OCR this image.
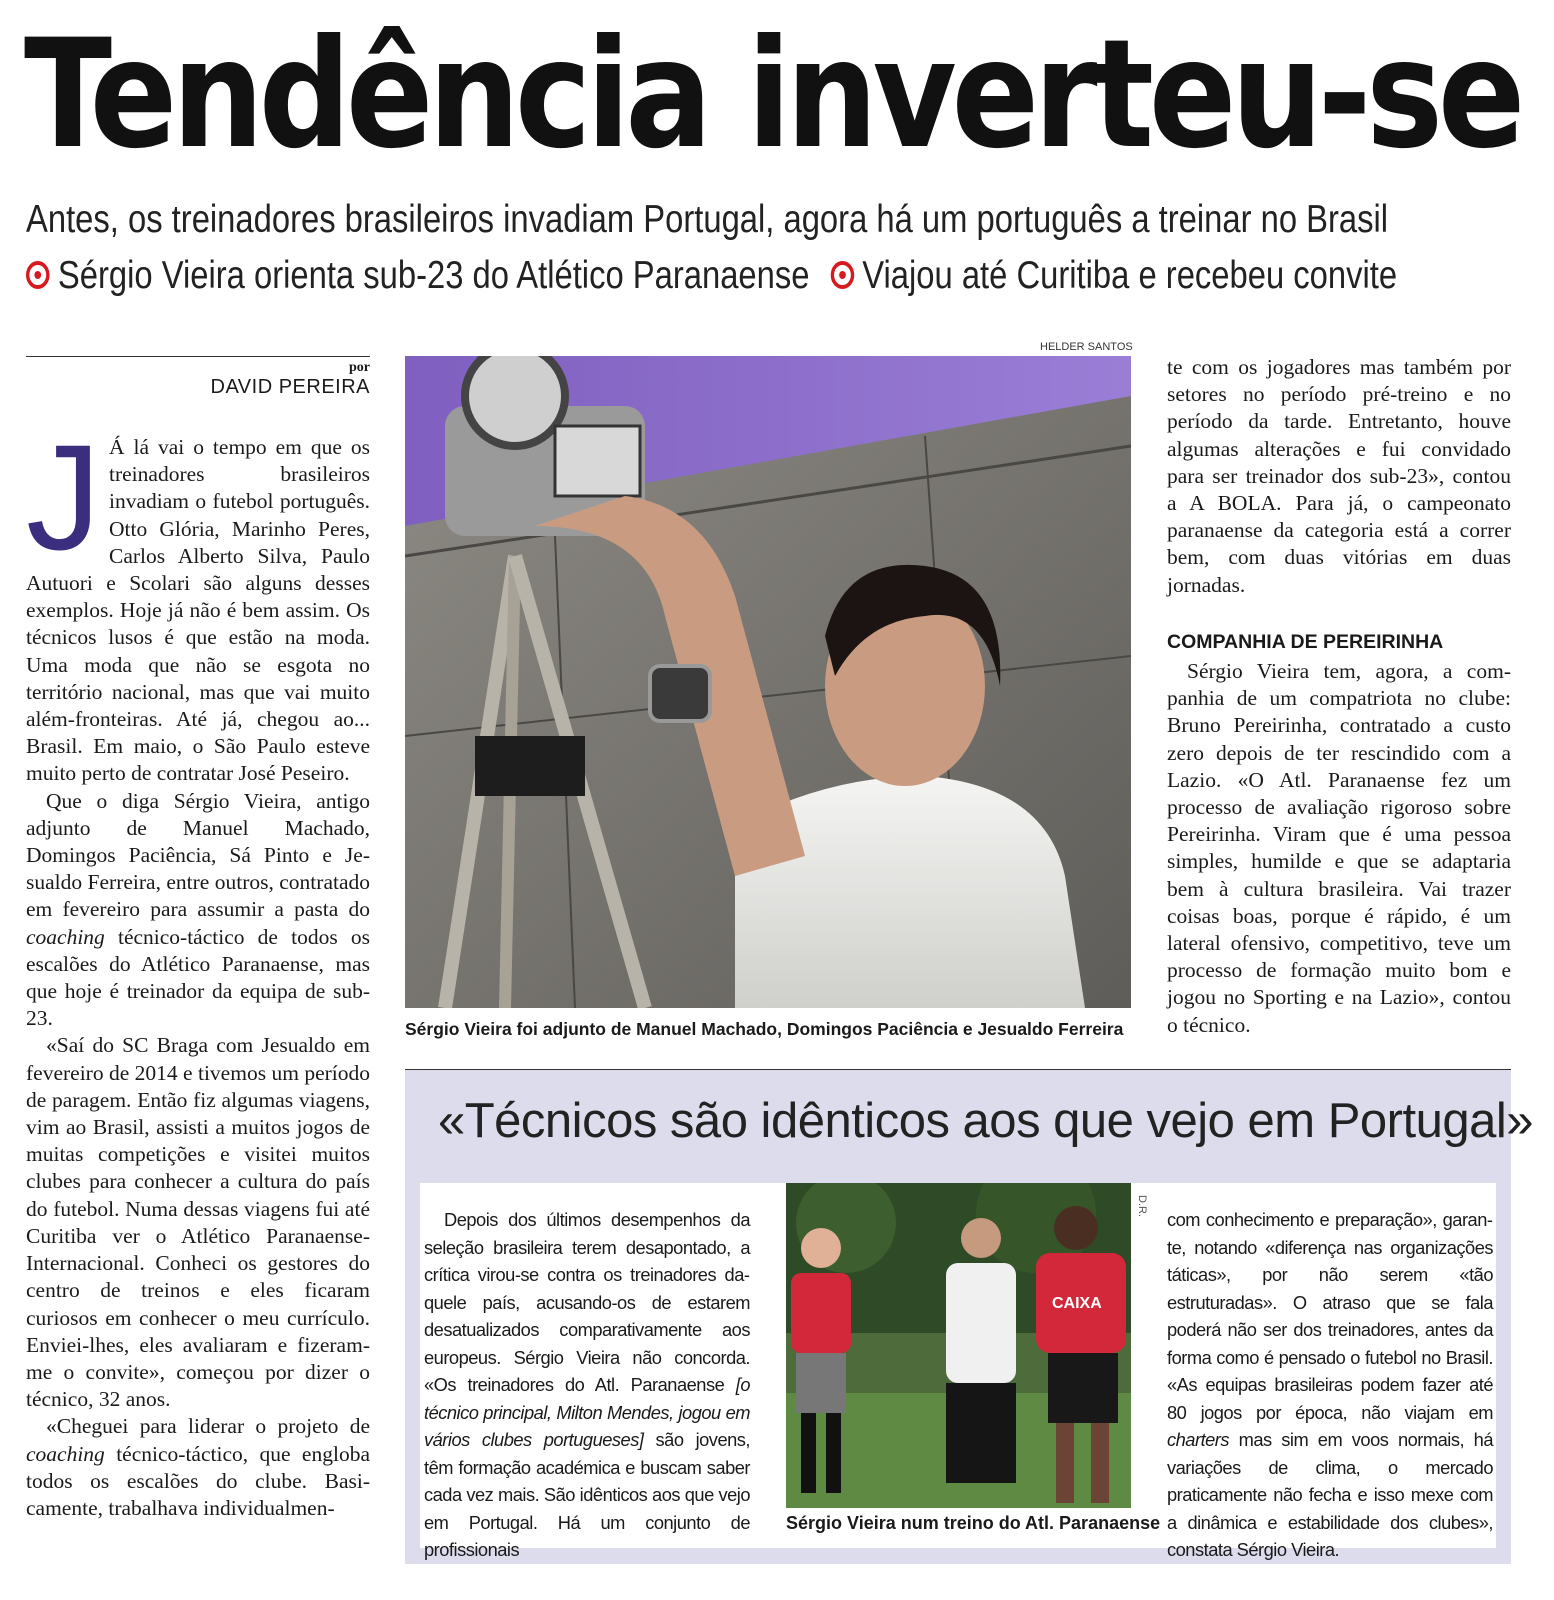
Tendência inverteu-se
Antes, os treinadores brasileiros invadiam Portugal, agora há um português a treinar no Brasil
Sérgio Vieira orienta sub-23 do Atlético Paranaense Viajou até Curitiba e recebeu convite
por
DAVID PEREIRA

J Á lá vai o tempo em que os treinadores brasileiros invadiam o futebol português. Otto Glória, Marinho Peres, Carlos Alberto Silva, Paulo Autuori e Scolari são alguns desses exemplos. Hoje já não é bem assim. Os técnicos lusos é que estão na moda. Uma moda que não se esgota no território nacional, mas que vai muito além-fronteiras. Até já, chegou ao... Brasil. Em maio, o São Paulo esteve muito perto de contratar José Peseiro.

Que o diga Sérgio Vieira, antigo adjunto de Manuel Machado, Domingos Paciência, Sá Pinto e Jesualdo Ferreira, entre outros, contratado em fevereiro para assumir a pasta do coaching técnico-táctico de todos os escalões do Atlético Paranaense, mas que hoje é treinador da equipa de sub-23.

«Saí do SC Braga com Jesualdo em fevereiro de 2014 e tivemos um período de paragem. Então fiz algumas viagens, vim ao Brasil, assisti a muitos jogos de muitas competições e visitei muitos clubes para conhecer a cultura do país do futebol. Numa dessas viagens fui até Curitiba ver o Atlético Paranaense-Internacional. Conheci os gestores do centro de treinos e eles ficaram curiosos em conhecer o meu currículo. Enviei-lhes, eles avaliaram e fizeram-me o convite», começou por dizer o técnico, 32 anos.

«Cheguei para liderar o projeto de coaching técnico-táctico, que engloba todos os escalões do clube. Basicamente, trabalhava individualmen-

HELDER SANTOS
Sérgio Vieira foi adjunto de Manuel Machado, Domingos Paciência e Jesualdo Ferreira

te com os jogadores mas também por setores no período pré-treino e no período da tarde. Entretanto, houve algumas alterações e fui convidado para ser treinador dos sub-23», contou a A BOLA. Para já, o campeonato paranaense da categoria está a correr bem, com duas vitórias em duas jornadas.

COMPANHIA DE PEREIRINHA

Sérgio Vieira tem, agora, a companhia de um compatriota no clube: Bruno Pereirinha, contratado a custo zero depois de ter rescindido com a Lazio. «O Atl. Paranaense fez um processo de avaliação rigoroso sobre Pereirinha. Viram que é uma pessoa simples, humilde e que se adaptaria bem à cultura brasileira. Vai trazer coisas boas, porque é rápido, é um lateral ofensivo, competitivo, teve um processo de formação muito bom e jogou no Sporting e na Lazio», contou o técnico.

«Técnicos são idênticos aos que vejo em Portugal»

Depois dos últimos desempenhos da seleção brasileira terem desapontado, a crítica virou-se contra os treinadores daquele país, acusando-os de estarem desatualizados comparativamente aos europeus. Sérgio Vieira não concorda. «Os treinadores do Atl. Paranaense [o técnico principal, Milton Mendes, jogou em vários clubes portugueses] são jovens, têm formação académica e buscam saber cada vez mais. São idênticos aos que vejo em Portugal. Há um conjunto de profissionais

CAIXA
D.R.
Sérgio Vieira num treino do Atl. Paranaense

com conhecimento e preparação», garante, notando «diferença nas organizações táticas», por não serem «tão estruturadas». O atraso que se fala poderá não ser dos treinadores, antes da forma como é pensado o futebol no Brasil. «As equipas brasileiras podem fazer até 80 jogos por época, não viajam em charters mas sim em voos normais, há variações de clima, o mercado praticamente não fecha e isso mexe com a dinâmica e estabilidade dos clubes», constata Sérgio Vieira.
